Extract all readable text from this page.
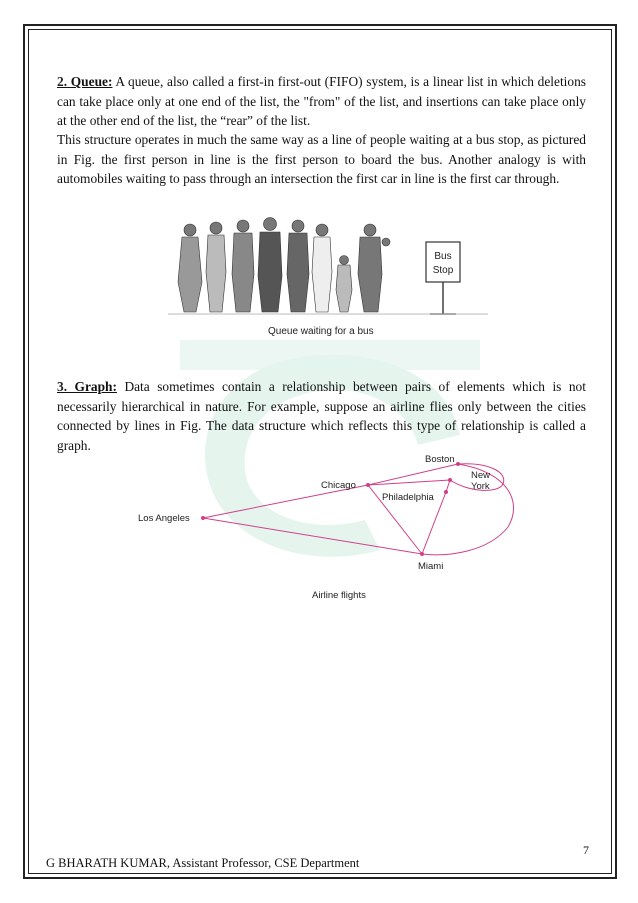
2. Queue: A queue, also called a first-in first-out (FIFO) system, is a linear list in which deletions can take place only at one end of the list, the "from" of the list, and insertions can take place only at the other end of the list, the “rear” of the list.

This structure operates in much the same way as a line of people waiting at a bus stop, as pictured in Fig. the first person in line is the first person to board the bus. Another analogy is with automobiles waiting to pass through an intersection the first car in line is the first car through.

Bus
Stop
Queue waiting for a bus

3. Graph: Data sometimes contain a relationship between pairs of elements which is not necessarily hierarchical in nature. For example, suppose an airline flies only between the cities connected by lines in Fig. The data structure which reflects this type of relationship is called a graph.

Boston
New
York
Chicago
Philadelphia
Los Angeles
Miami
Airline flights
7
G BHARATH KUMAR, Assistant Professor, CSE Department
